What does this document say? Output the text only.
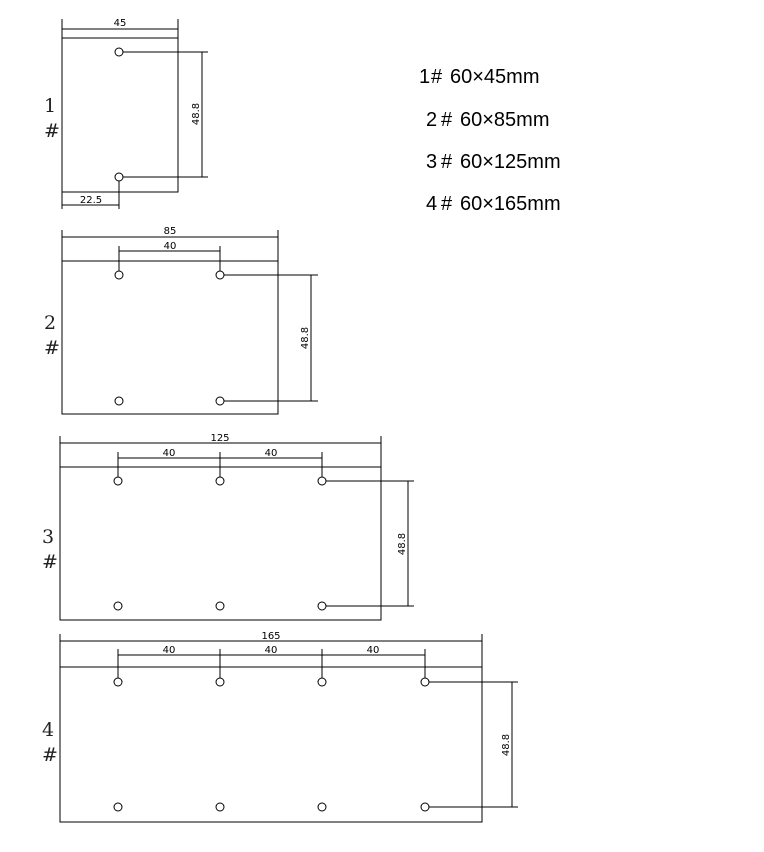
1
#
45
48.8
22.5
2
#
85
40
48.8
3
#
125
40	40
48.8
4
#
165
40	40	40
48.8
1 # 60×45mm
2 # 60×85mm
3 # 60×125mm
4 # 60×165mm
